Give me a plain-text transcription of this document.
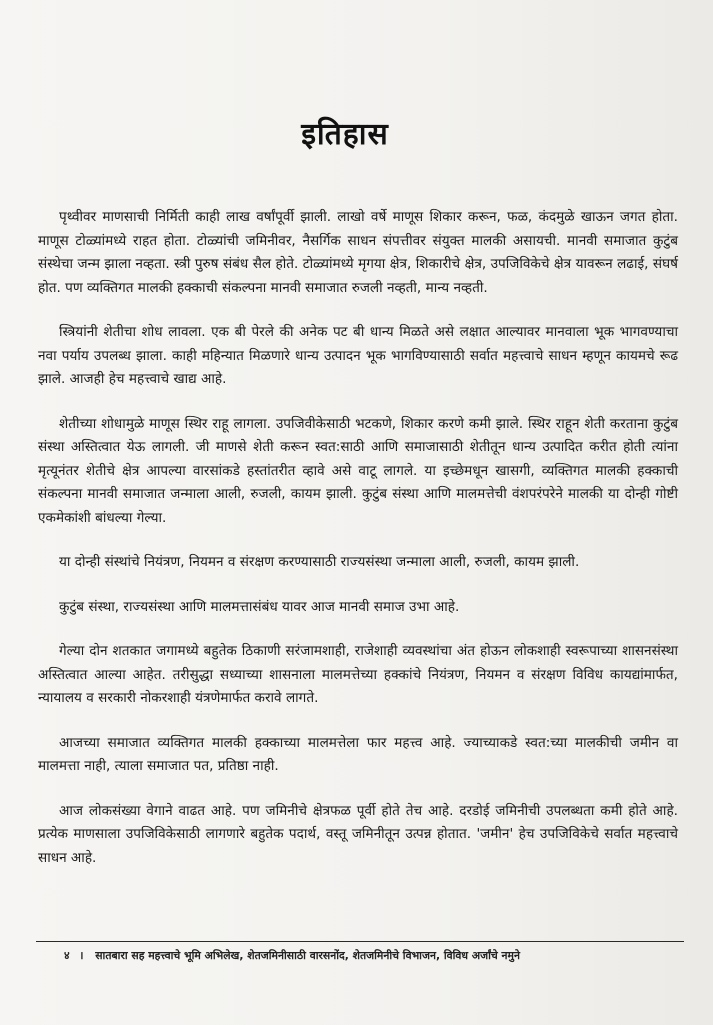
इतिहास

पृथ्वीवर माणसाची निर्मिती काही लाख वर्षांपूर्वी झाली. लाखो वर्षे माणूस शिकार करून, फळ, कंदमुळे खाऊन जगत होता. माणूस टोळ्यांमध्ये राहत होता. टोळ्यांची जमिनीवर, नैसर्गिक साधन संपत्तीवर संयुक्त मालकी असायची. मानवी समाजात कुटुंब संस्थेचा जन्म झाला नव्हता. स्त्री पुरुष संबंध सैल होते. टोळ्यांमध्ये मृगया क्षेत्र, शिकारीचे क्षेत्र, उपजिविकेचे क्षेत्र यावरून लढाई, संघर्ष होत. पण व्यक्तिगत मालकी हक्काची संकल्पना मानवी समाजात रुजली नव्हती, मान्य नव्हती.

स्त्रियांनी शेतीचा शोध लावला. एक बी पेरले की अनेक पट बी धान्य मिळते असे लक्षात आल्यावर मानवाला भूक भागवण्याचा नवा पर्याय उपलब्ध झाला. काही महिन्यात मिळणारे धान्य उत्पादन भूक भागविण्यासाठी सर्वात महत्त्वाचे साधन म्हणून कायमचे रूढ झाले. आजही हेच महत्त्वाचे खाद्य आहे.

शेतीच्या शोधामुळे माणूस स्थिर राहू लागला. उपजिवीकेसाठी भटकणे, शिकार करणे कमी झाले. स्थिर राहून शेती करताना कुटुंब संस्था अस्तित्वात येऊ लागली. जी माणसे शेती करून स्वत:साठी आणि समाजासाठी शेतीतून धान्य उत्पादित करीत होती त्यांना मृत्यूनंतर शेतीचे क्षेत्र आपल्या वारसांकडे हस्तांतरीत व्हावे असे वाटू लागले. या इच्छेमधून खासगी, व्यक्तिगत मालकी हक्काची संकल्पना मानवी समाजात जन्माला आली, रुजली, कायम झाली. कुटुंब संस्था आणि मालमत्तेची वंशपरंपरेने मालकी या दोन्ही गोष्टी एकमेकांशी बांधल्या गेल्या.

या दोन्ही संस्थांचे नियंत्रण, नियमन व संरक्षण करण्यासाठी राज्यसंस्था जन्माला आली, रुजली, कायम झाली.

कुटुंब संस्था, राज्यसंस्था आणि मालमत्तासंबंध यावर आज मानवी समाज उभा आहे.

गेल्या दोन शतकात जगामध्ये बहुतेक ठिकाणी सरंजामशाही, राजेशाही व्यवस्थांचा अंत होऊन लोकशाही स्वरूपाच्या शासनसंस्था अस्तित्वात आल्या आहेत. तरीसुद्धा सध्याच्या शासनाला मालमत्तेच्या हक्कांचे नियंत्रण, नियमन व संरक्षण विविध कायद्यांमार्फत, न्यायालय व सरकारी नोकरशाही यंत्रणेमार्फत करावे लागते.

आजच्या समाजात व्यक्तिगत मालकी हक्काच्या मालमत्तेला फार महत्त्व आहे. ज्याच्याकडे स्वत:च्या मालकीची जमीन वा मालमत्ता नाही, त्याला समाजात पत, प्रतिष्ठा नाही.

आज लोकसंख्या वेगाने वाढत आहे. पण जमिनीचे क्षेत्रफळ पूर्वी होते तेच आहे. दरडोई जमिनीची उपलब्धता कमी होते आहे. प्रत्येक माणसाला उपजिविकेसाठी लागणारे बहुतेक पदार्थ, वस्तू जमिनीतून उत्पन्न होतात. 'जमीन' हेच उपजिविकेचे सर्वात महत्त्वाचे साधन आहे.

४ । सातबारा सह महत्त्वाचे भूमि अभिलेख, शेतजमिनीसाठी वारसनोंद, शेतजमिनीचे विभाजन, विविध अर्जांचे नमुने
